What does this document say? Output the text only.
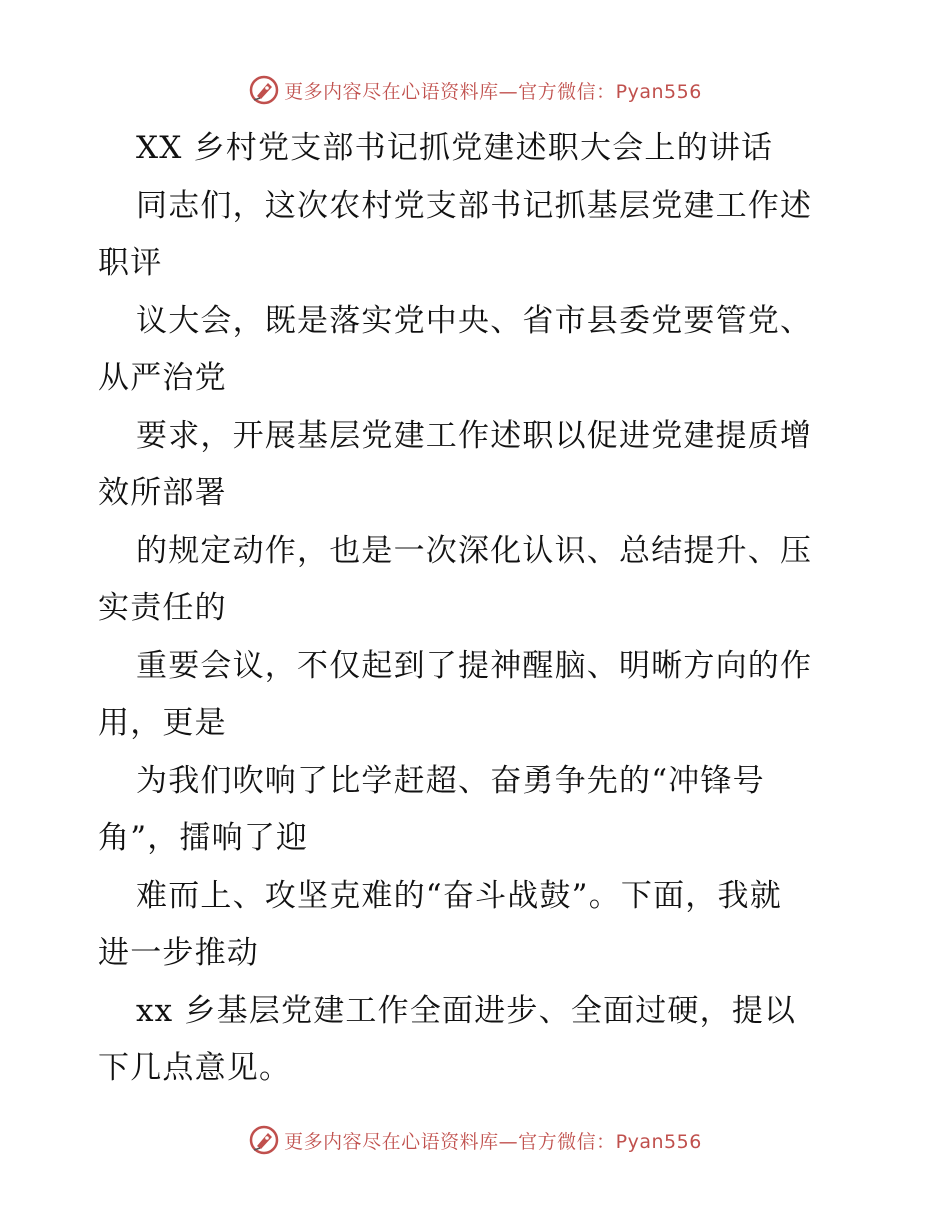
更多内容尽在心语资料库—官方微信：Pyan556
XX 乡村党支部书记抓党建述职大会上的讲话
同志们，这次农村党支部书记抓基层党建工作述
职评
议大会，既是落实党中央、省市县委党要管党、
从严治党
要求，开展基层党建工作述职以促进党建提质增
效所部署
的规定动作，也是一次深化认识、总结提升、压
实责任的
重要会议，不仅起到了提神醒脑、明晰方向的作
用，更是
为我们吹响了比学赶超、奋勇争先的“冲锋号
角”，擂响了迎
难而上、攻坚克难的“奋斗战鼓”。下面，我就
进一步推动
xx 乡基层党建工作全面进步、全面过硬，提以
下几点意见。
更多内容尽在心语资料库—官方微信：Pyan556
